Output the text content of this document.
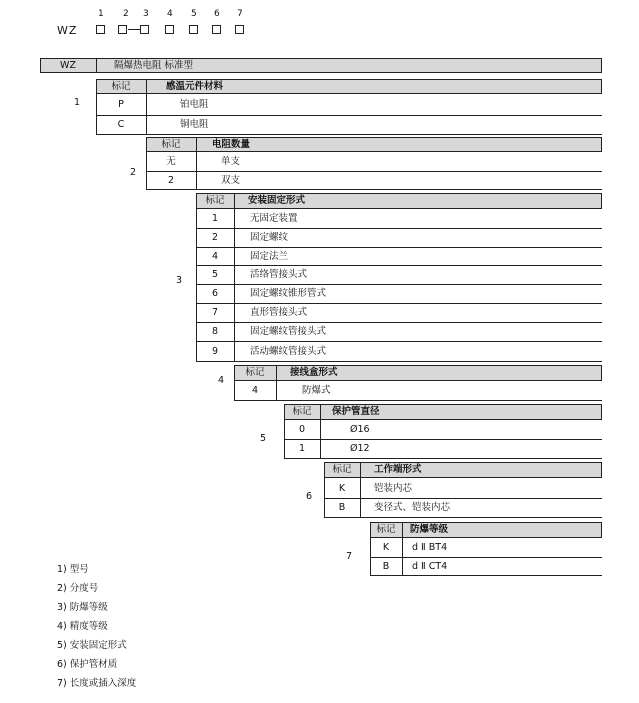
1 2 3 4 5 6 7
WZ
WZ	隔爆热电阻 标准型
1
标记	感温元件材料
P	铂电阻
C	铜电阻
2
标记	电阻数量
无	单支
2	双支
3
标记	安装固定形式
1	无固定装置
2	固定螺纹
4	固定法兰
5	活络管接头式
6	固定螺纹锥形管式
7	直形管接头式
8	固定螺纹管接头式
9	活动螺纹管接头式
4
标记	接线盒形式
4	防爆式
5
标记	保护管直径
0	Ø16
1	Ø12
6
标记	工作端形式
K	铠装内芯
B	变径式、铠装内芯
7
标记	防爆等级
K	d Ⅱ BT4
B	d Ⅱ CT4
1) 型号
2) 分度号
3) 防爆等级
4) 精度等级
5) 安装固定形式
6) 保护管材质
7) 长度或插入深度
